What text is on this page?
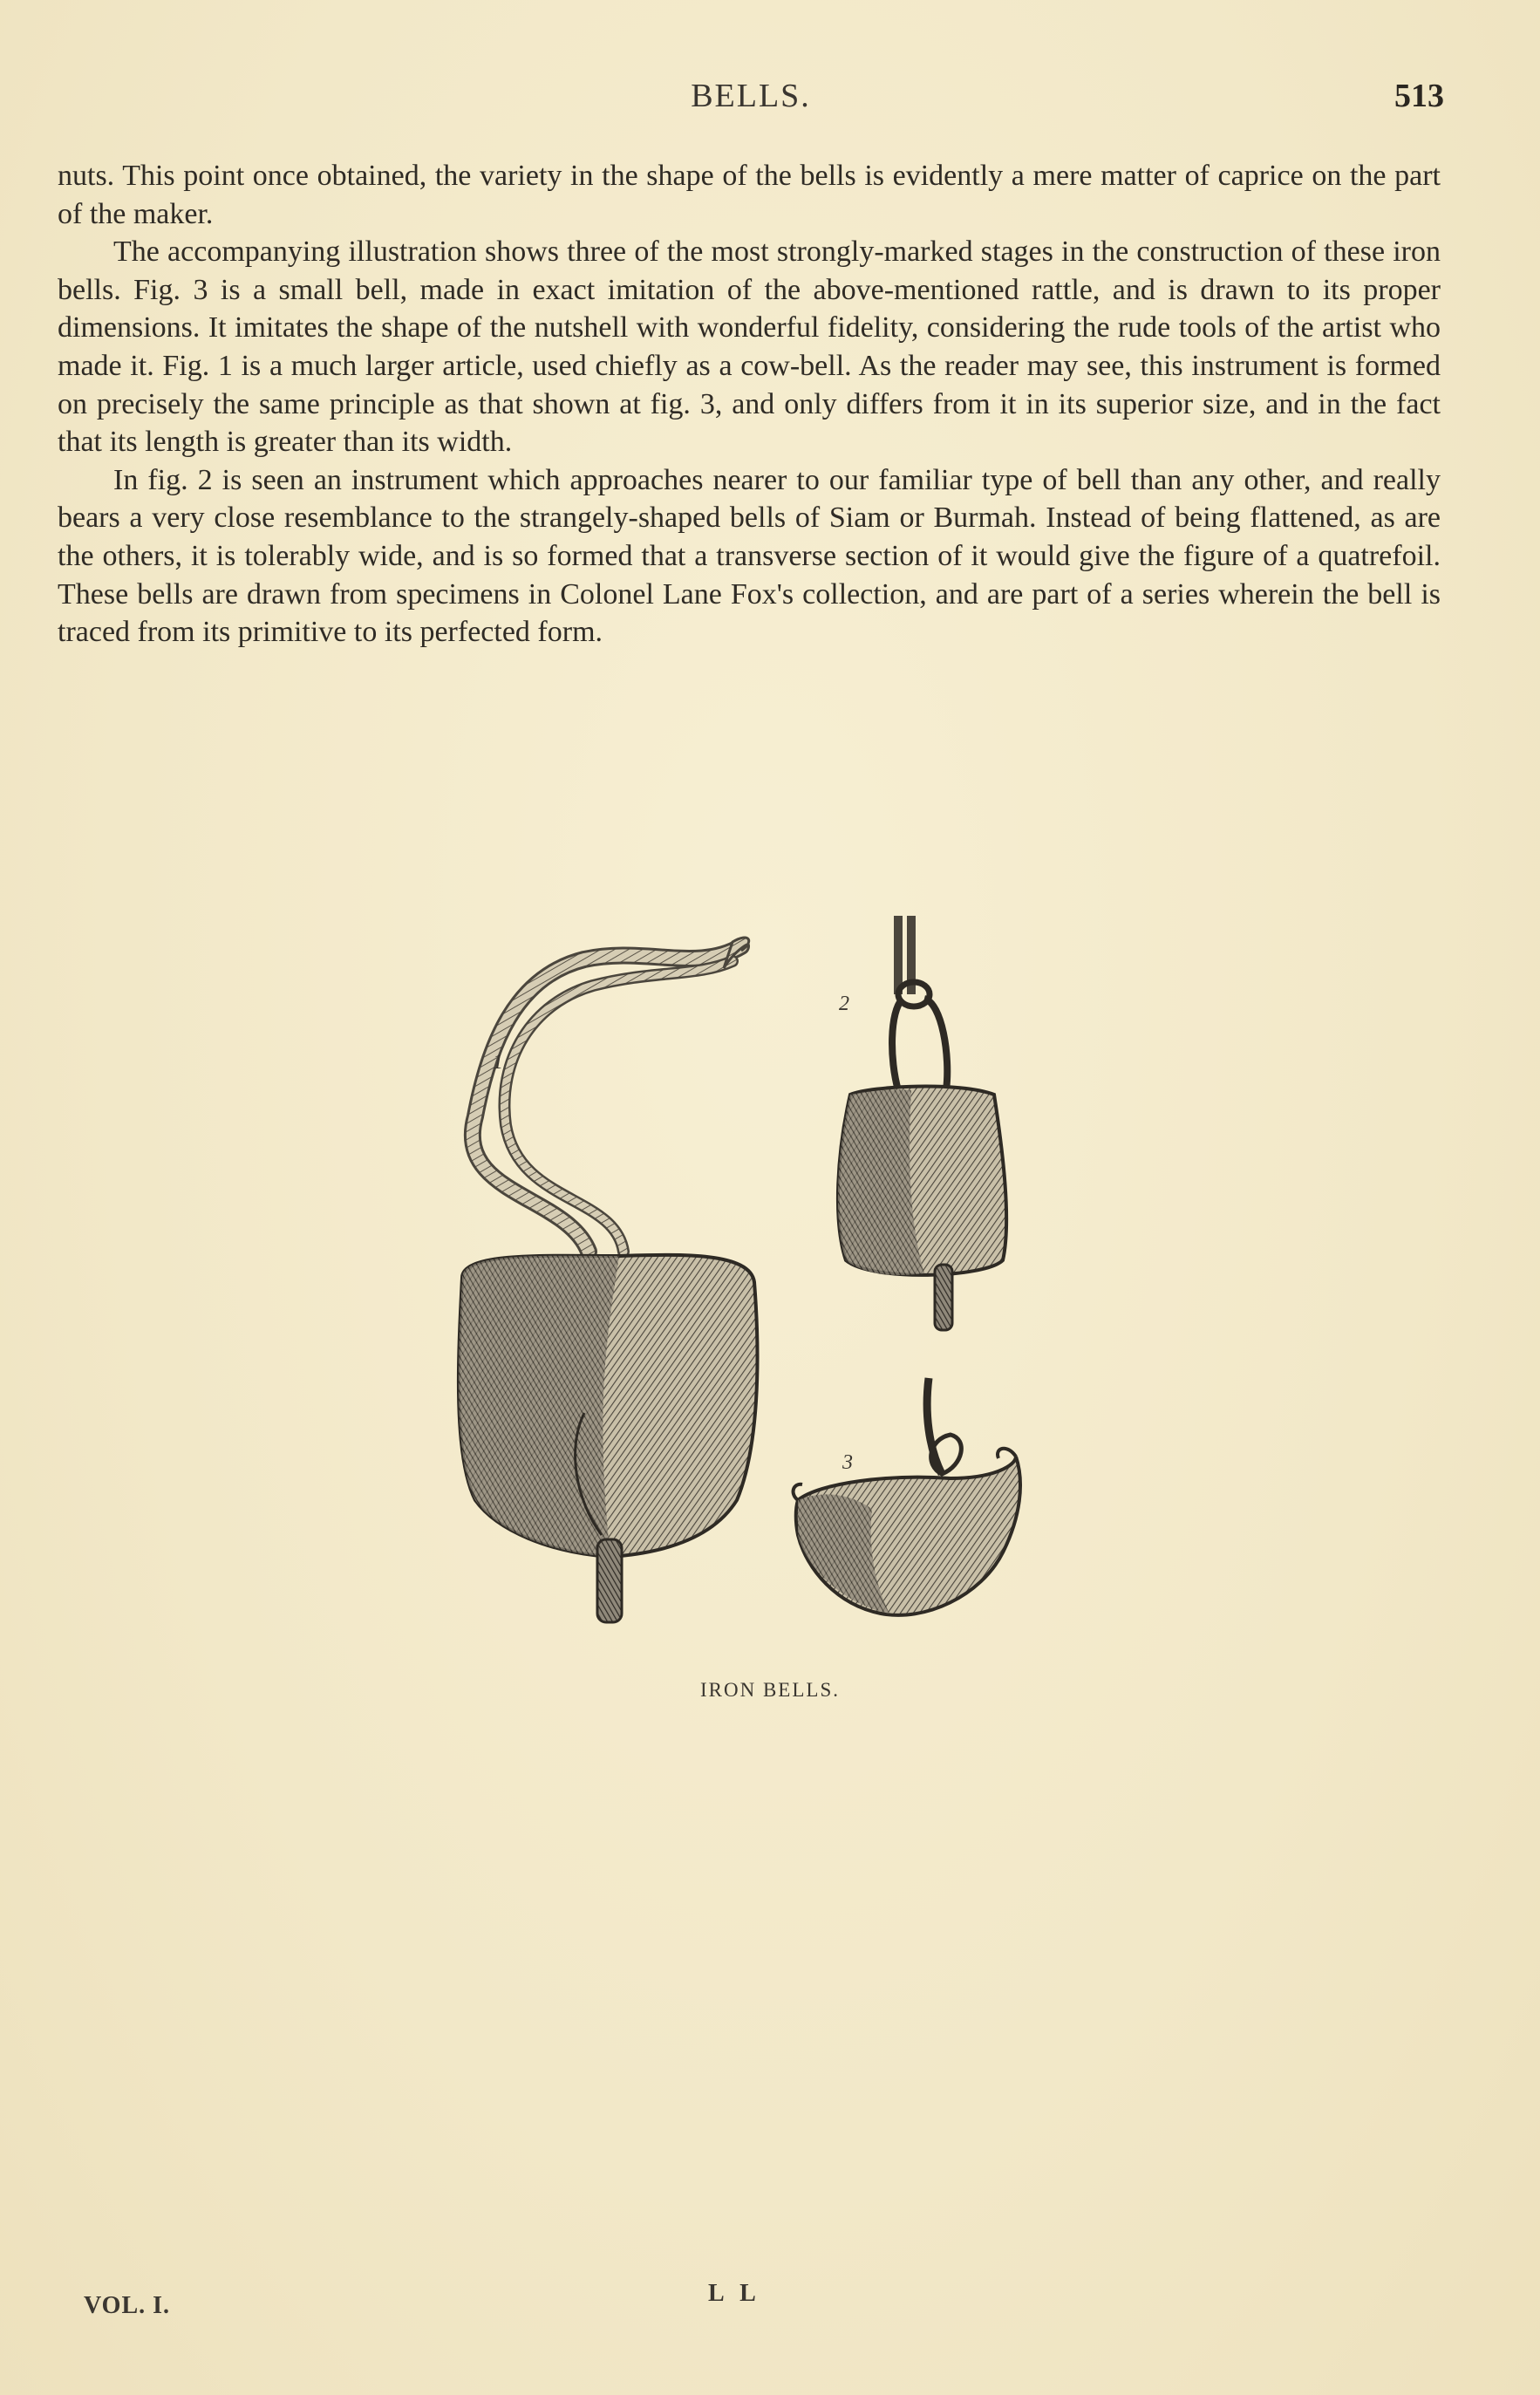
BELLS.	513

nuts. This point once obtained, the variety in the shape of the bells is evidently a mere matter of caprice on the part of the maker.

The accompanying illustration shows three of the most strongly-marked stages in the construction of these iron bells. Fig. 3 is a small bell, made in exact imitation of the above-mentioned rattle, and is drawn to its proper dimensions. It imitates the shape of the nutshell with wonderful fidelity, considering the rude tools of the artist who made it. Fig. 1 is a much larger article, used chiefly as a cow-bell. As the reader may see, this instrument is formed on precisely the same principle as that shown at fig. 3, and only differs from it in its superior size, and in the fact that its length is greater than its width.

In fig. 2 is seen an instrument which approaches nearer to our familiar type of bell than any other, and really bears a very close resemblance to the strangely-shaped bells of Siam or Burmah. Instead of being flattened, as are the others, it is tolerably wide, and is so formed that a transverse section of it would give the figure of a quatrefoil. These bells are drawn from specimens in Colonel Lane Fox's collection, and are part of a series wherein the bell is traced from its primitive to its perfected form.

1
2
3
IRON BELLS.
VOL. I.	L L
